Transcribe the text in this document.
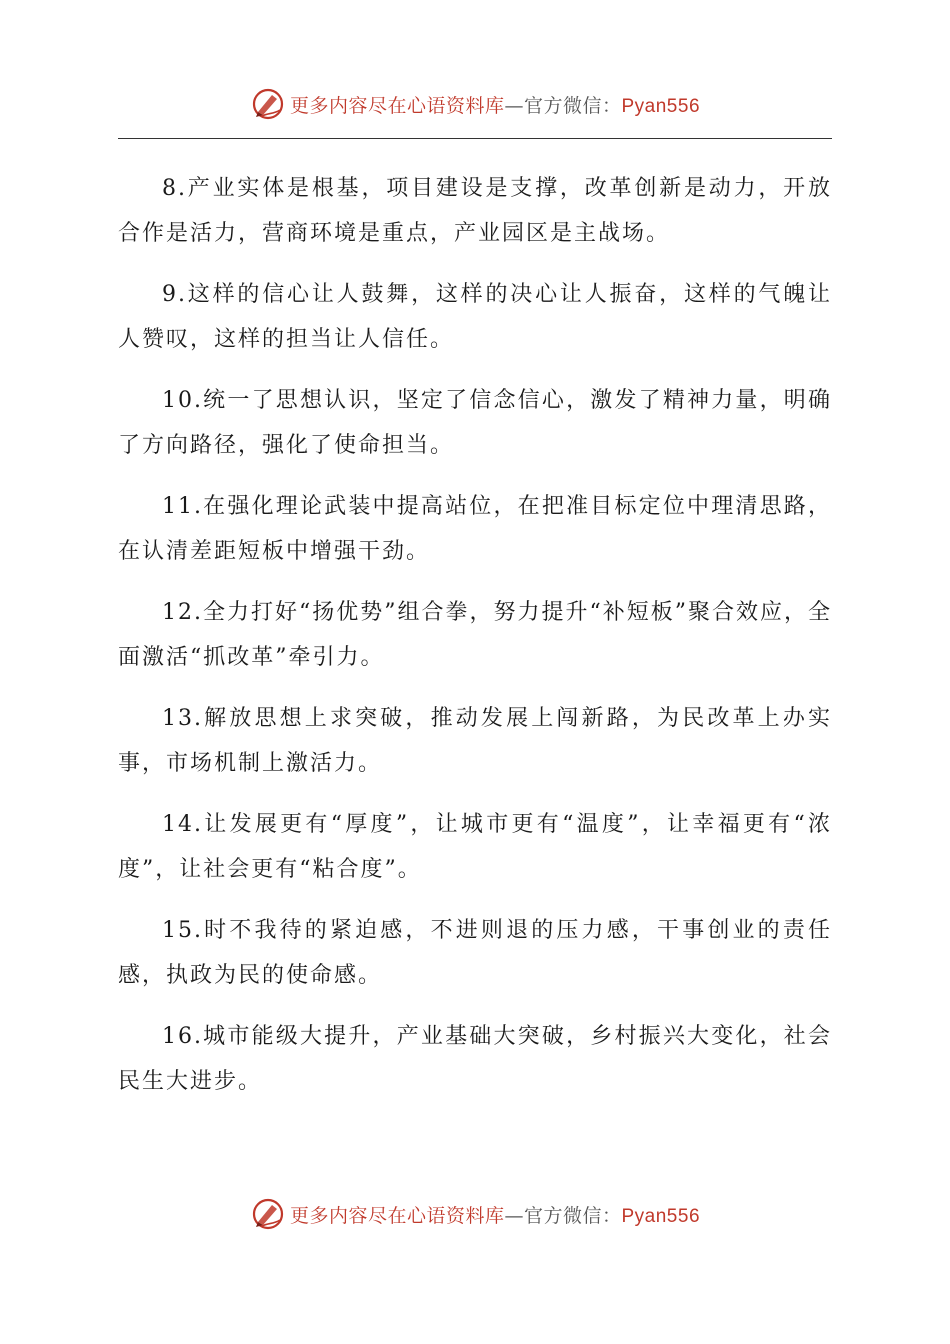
更多内容尽在心语资料库—官方微信：Pyan556

8.产业实体是根基，项目建设是支撑，改革创新是动力，开放合作是活力，营商环境是重点，产业园区是主战场。

9.这样的信心让人鼓舞，这样的决心让人振奋，这样的气魄让人赞叹，这样的担当让人信任。

10.统一了思想认识，坚定了信念信心，激发了精神力量，明确了方向路径，强化了使命担当。

11.在强化理论武装中提高站位，在把准目标定位中理清思路，在认清差距短板中增强干劲。

12.全力打好“扬优势”组合拳，努力提升“补短板”聚合效应，全面激活“抓改革”牵引力。

13.解放思想上求突破，推动发展上闯新路，为民改革上办实事，市场机制上激活力。

14.让发展更有“厚度”，让城市更有“温度”，让幸福更有“浓度”，让社会更有“粘合度”。

15.时不我待的紧迫感，不进则退的压力感，干事创业的责任感，执政为民的使命感。

16.城市能级大提升，产业基础大突破，乡村振兴大变化，社会民生大进步。

更多内容尽在心语资料库—官方微信：Pyan556
